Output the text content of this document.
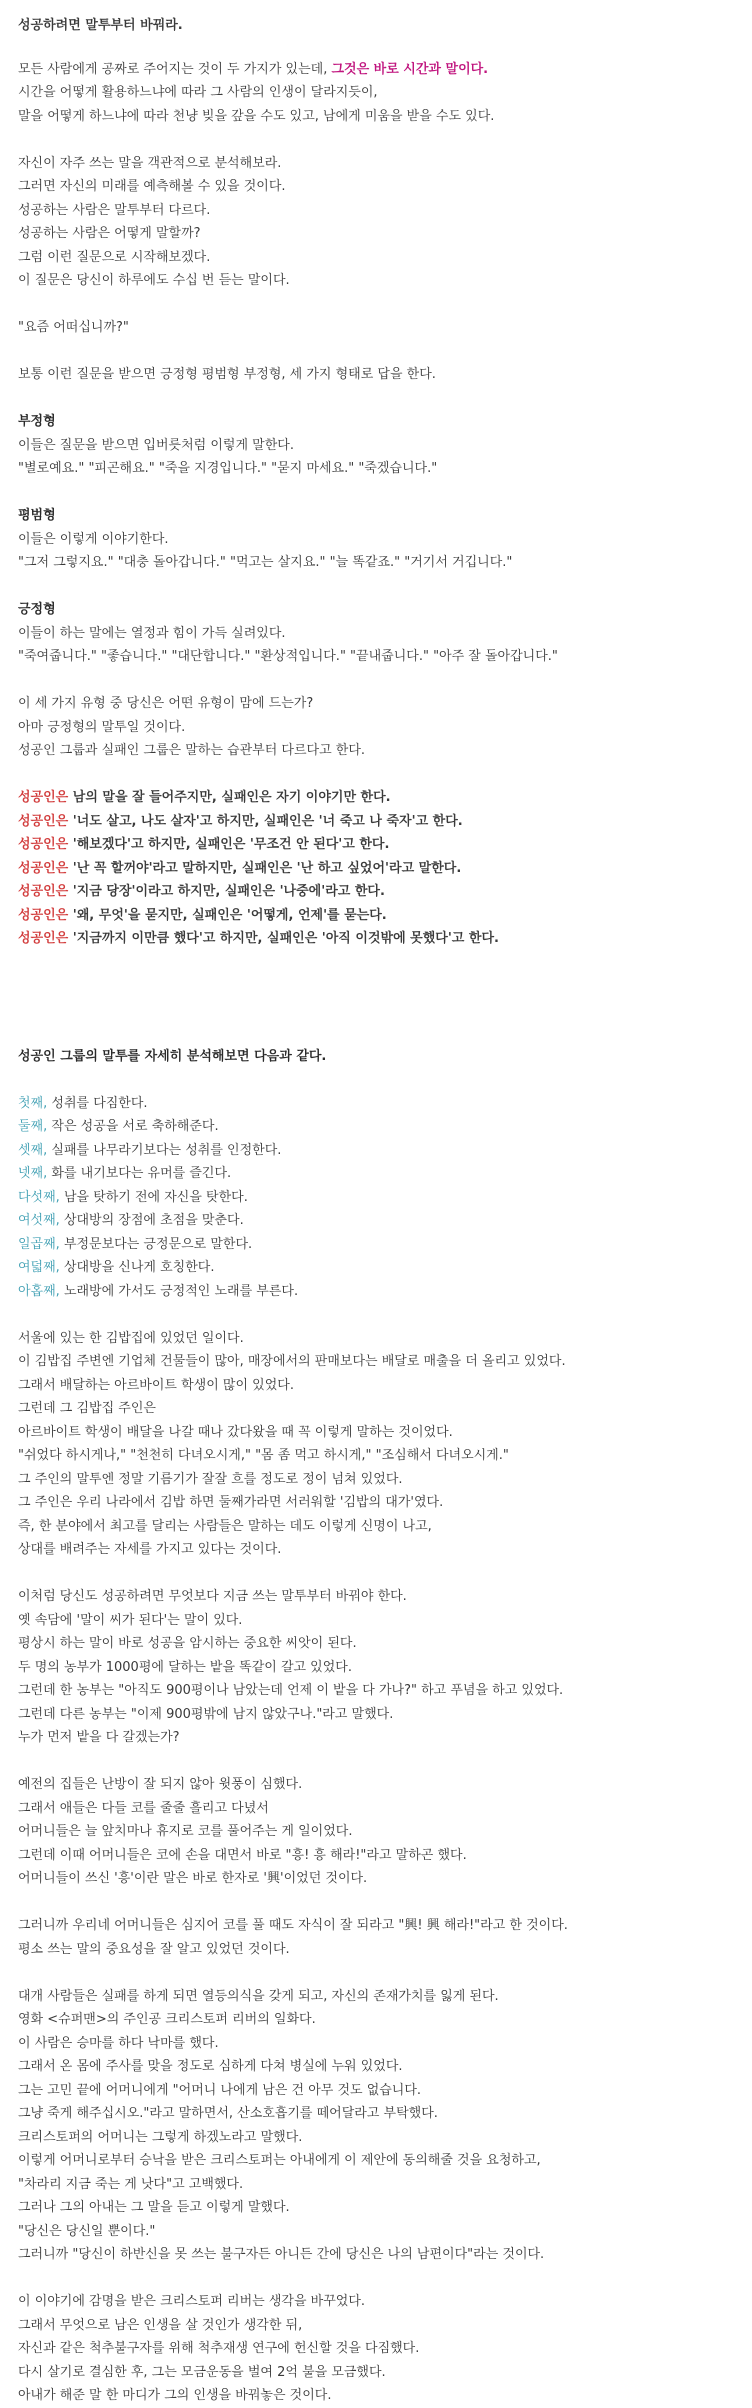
성공하려면 말투부터 바꿔라.

모든 사람에게 공짜로 주어지는 것이 두 가지가 있는데, 그것은 바로 시간과 말이다.

시간을 어떻게 활용하느냐에 따라 그 사람의 인생이 달라지듯이,

말을 어떻게 하느냐에 따라 천냥 빚을 갚을 수도 있고, 남에게 미움을 받을 수도 있다.

자신이 자주 쓰는 말을 객관적으로 분석해보라.

그러면 자신의 미래를 예측해볼 수 있을 것이다.

성공하는 사람은 말투부터 다르다.

성공하는 사람은 어떻게 말할까?

그럼 이런 질문으로 시작해보겠다.

이 질문은 당신이 하루에도 수십 번 듣는 말이다.

"요즘 어떠십니까?"

보통 이런 질문을 받으면 긍정형 평범형 부정형, 세 가지 형태로 답을 한다.

부정형

이들은 질문을 받으면 입버릇처럼 이렇게 말한다.

"별로예요." "피곤해요." "죽을 지경입니다." "묻지 마세요." "죽겠습니다."

평범형

이들은 이렇게 이야기한다.

"그저 그렇지요." "대충 돌아갑니다." "먹고는 살지요." "늘 똑같죠." "거기서 거깁니다."

긍정형

이들이 하는 말에는 열정과 힘이 가득 실려있다.

"죽여줍니다." "좋습니다." "대단합니다." "환상적입니다." "끝내줍니다." "아주 잘 돌아갑니다."

이 세 가지 유형 중 당신은 어떤 유형이 맘에 드는가?

아마 긍정형의 말투일 것이다.

성공인 그룹과 실패인 그룹은 말하는 습관부터 다르다고 한다.

성공인은 남의 말을 잘 들어주지만, 실패인은 자기 이야기만 한다.

성공인은 '너도 살고, 나도 살자'고 하지만, 실패인은 '너 죽고 나 죽자'고 한다.

성공인은 '해보겠다'고 하지만, 실패인은 '무조건 안 된다'고 한다.

성공인은 '난 꼭 할꺼야'라고 말하지만, 실패인은 '난 하고 싶었어'라고 말한다.

성공인은 '지금 당장'이라고 하지만, 실패인은 '나중에'라고 한다.

성공인은 '왜, 무엇'을 묻지만, 실패인은 '어떻게, 언제'를 묻는다.

성공인은 '지금까지 이만큼 했다'고 하지만, 실패인은 '아직 이것밖에 못했다'고 한다.

성공인 그룹의 말투를 자세히 분석해보면 다음과 같다.

첫째, 성취를 다짐한다.

둘째, 작은 성공을 서로 축하해준다.

셋째, 실패를 나무라기보다는 성취를 인정한다.

넷째, 화를 내기보다는 유머를 즐긴다.

다섯째, 남을 탓하기 전에 자신을 탓한다.

여섯째, 상대방의 장점에 초점을 맞춘다.

일곱째, 부정문보다는 긍정문으로 말한다.

여덟째, 상대방을 신나게 호칭한다.

아홉째, 노래방에 가서도 긍정적인 노래를 부른다.

서울에 있는 한 김밥집에 있었던 일이다.

이 김밥집 주변엔 기업체 건물들이 많아, 매장에서의 판매보다는 배달로 매출을 더 올리고 있었다.

그래서 배달하는 아르바이트 학생이 많이 있었다.

그런데 그 김밥집 주인은

아르바이트 학생이 배달을 나갈 때나 갔다왔을 때 꼭 이렇게 말하는 것이었다.

"쉬었다 하시게나," "천천히 다녀오시게," "몸 좀 먹고 하시게," "조심해서 다녀오시게."

그 주인의 말투엔 정말 기름기가 잘잘 흐를 정도로 정이 넘쳐 있었다.

그 주인은 우리 나라에서 김밥 하면 둘째가라면 서러워할 '김밥의 대가'였다.

즉, 한 분야에서 최고를 달리는 사람들은 말하는 데도 이렇게 신명이 나고,

상대를 배려주는 자세를 가지고 있다는 것이다.

이처럼 당신도 성공하려면 무엇보다 지금 쓰는 말투부터 바꿔야 한다.

옛 속담에 '말이 씨가 된다'는 말이 있다.

평상시 하는 말이 바로 성공을 암시하는 중요한 씨앗이 된다.

두 명의 농부가 1000평에 달하는 밭을 똑같이 갈고 있었다.

그런데 한 농부는 "아직도 900평이나 남았는데 언제 이 밭을 다 가나?" 하고 푸념을 하고 있었다.

그런데 다른 농부는 "이제 900평밖에 남지 않았구나."라고 말했다.

누가 먼저 밭을 다 갈겠는가?

예전의 집들은 난방이 잘 되지 않아 윗풍이 심했다.

그래서 애들은 다들 코를 줄줄 흘리고 다녔서

어머니들은 늘 앞치마나 휴지로 코를 풀어주는 게 일이었다.

그런데 이때 어머니들은 코에 손을 대면서 바로 "흥! 흥 해라!"라고 말하곤 했다.

어머니들이 쓰신 '흥'이란 말은 바로 한자로 '興'이었던 것이다.

그러니까 우리네 어머니들은 심지어 코를 풀 때도 자식이 잘 되라고 "興! 興 해라!"라고 한 것이다.

평소 쓰는 말의 중요성을 잘 알고 있었던 것이다.

대개 사람들은 실패를 하게 되면 열등의식을 갖게 되고, 자신의 존재가치를 잃게 된다.

영화 <슈퍼맨>의 주인공 크리스토퍼 리버의 일화다.

이 사람은 승마를 하다 낙마를 했다.

그래서 온 몸에 주사를 맞을 정도로 심하게 다쳐 병실에 누워 있었다.

그는 고민 끝에 어머니에게 "어머니 나에게 남은 건 아무 것도 없습니다.

그냥 죽게 해주십시오."라고 말하면서, 산소호흡기를 떼어달라고 부탁했다.

크리스토퍼의 어머니는 그렇게 하겠노라고 말했다.

이렇게 어머니로부터 승낙을 받은 크리스토퍼는 아내에게 이 제안에 동의해줄 것을 요청하고,

"차라리 지금 죽는 게 낫다"고 고백했다.

그러나 그의 아내는 그 말을 듣고 이렇게 말했다.

"당신은 당신일 뿐이다."

그러니까 "당신이 하반신을 못 쓰는 불구자든 아니든 간에 당신은 나의 남편이다"라는 것이다.

이 이야기에 감명을 받은 크리스토퍼 리버는 생각을 바꾸었다.

그래서 무엇으로 남은 인생을 살 것인가 생각한 뒤,

자신과 같은 척추불구자를 위해 척추재생 연구에 헌신할 것을 다짐했다.

다시 살기로 결심한 후, 그는 모금운동을 벌여 2억 불을 모금했다.

아내가 해준 말 한 마디가 그의 인생을 바꿔놓은 것이다.
